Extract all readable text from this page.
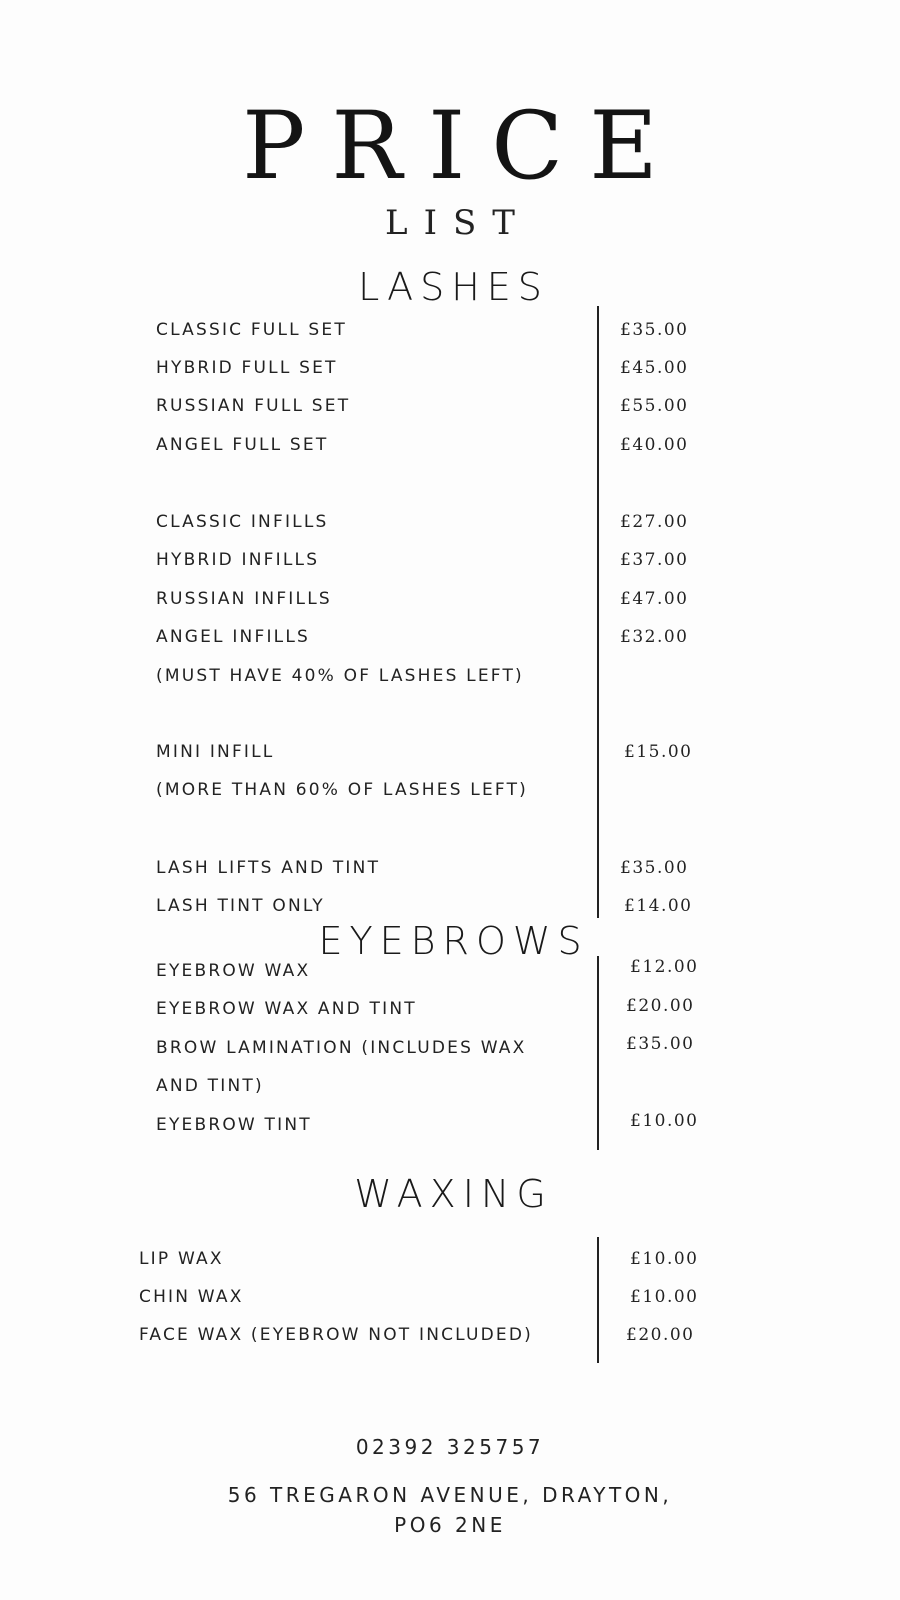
PRICE
LIST
LASHES
CLASSIC FULL SET	£35.00
HYBRID FULL SET	£45.00
RUSSIAN FULL SET	£55.00
ANGEL FULL SET	£40.00
CLASSIC INFILLS	£27.00
HYBRID INFILLS	£37.00
RUSSIAN INFILLS	£47.00
ANGEL INFILLS	£32.00
(MUST HAVE 40% OF LASHES LEFT)
MINI INFILL	£15.00
(MORE THAN 60% OF LASHES LEFT)
LASH LIFTS AND TINT	£35.00
LASH TINT ONLY	£14.00
EYEBROWS
EYEBROW WAX	£12.00
EYEBROW WAX AND TINT	£20.00
BROW LAMINATION (INCLUDES WAX	£35.00
AND TINT)
EYEBROW TINT	£10.00
WAXING
LIP WAX	£10.00
CHIN WAX	£10.00
FACE WAX (EYEBROW NOT INCLUDED)	£20.00
02392 325757
56 TREGARON AVENUE, DRAYTON,
PO6 2NE
